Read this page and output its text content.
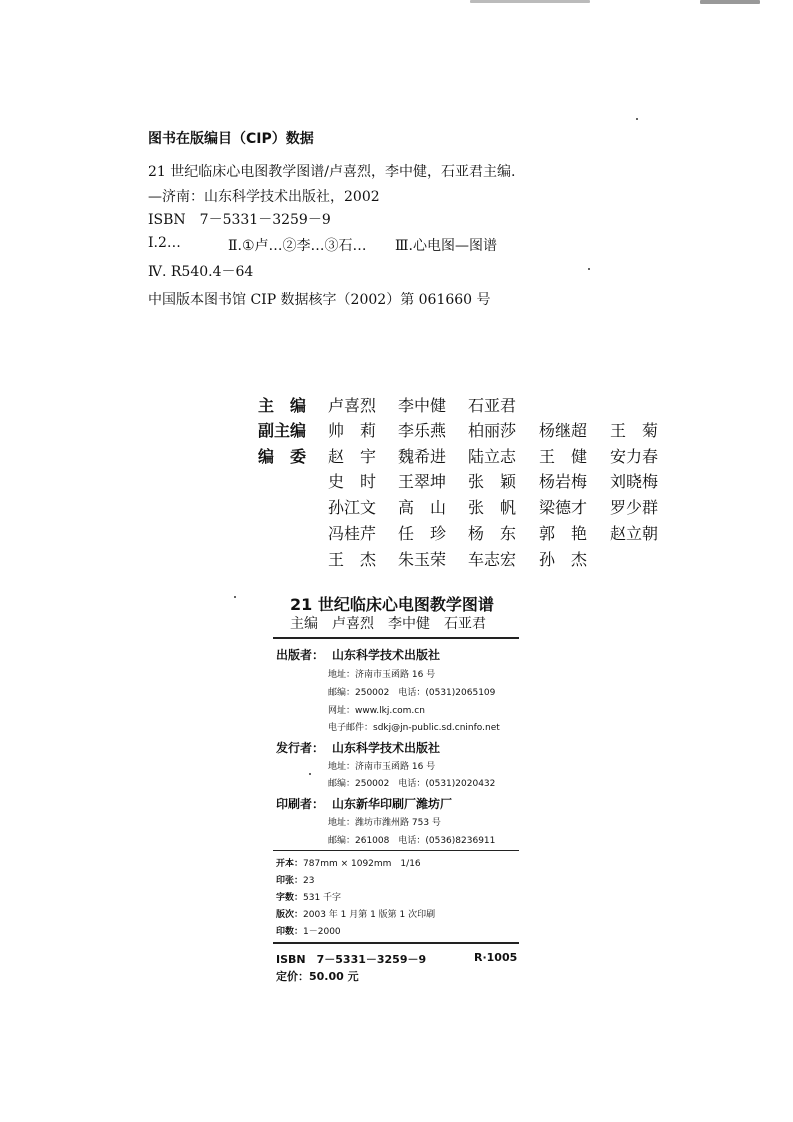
图书在版编目（CIP）数据
21 世纪临床心电图教学图谱/卢喜烈，李中健，石亚君主编.
—济南：山东科学技术出版社，2002
ISBN　7－5331－3259－9
Ⅰ.2…	Ⅱ.①卢…②李…③石… Ⅲ.心电图—图谱
Ⅳ. R540.4－64
中国版本图书馆 CIP 数据核字（2002）第 061660 号
主　编 卢喜烈 李中健 石亚君
副主编 帅　莉 李乐燕 柏丽莎 杨继超 王　菊
编　委 赵　宇 魏希进 陆立志 王　健 安力春
史　时 王翠坤 张　颖 杨岩梅 刘晓梅
孙江文 高　山 张　帆 梁德才 罗少群
冯桂芹 任　珍 杨　东 郭　艳 赵立朝
王　杰 朱玉荣 车志宏 孙　杰
21 世纪临床心电图教学图谱
主编　卢喜烈　李中健　石亚君
出版者： 山东科学技术出版社
地址：济南市玉函路 16 号
邮编：250002　电话：(0531)2065109
网址：www.lkj.com.cn
电子邮件：sdkj@jn-public.sd.cninfo.net
发行者： 山东科学技术出版社
地址：济南市玉函路 16 号
邮编：250002　电话：(0531)2020432
印刷者： 山东新华印刷厂潍坊厂
地址：潍坊市潍州路 753 号
邮编：261008　电话：(0536)8236911
开本：787mm × 1092mm　1/16
印张：23
字数：531 千字
版次：2003 年 1 月第 1 版第 1 次印刷
印数：1－2000
ISBN　7－5331－3259－9	R·1005
定价：50.00 元
